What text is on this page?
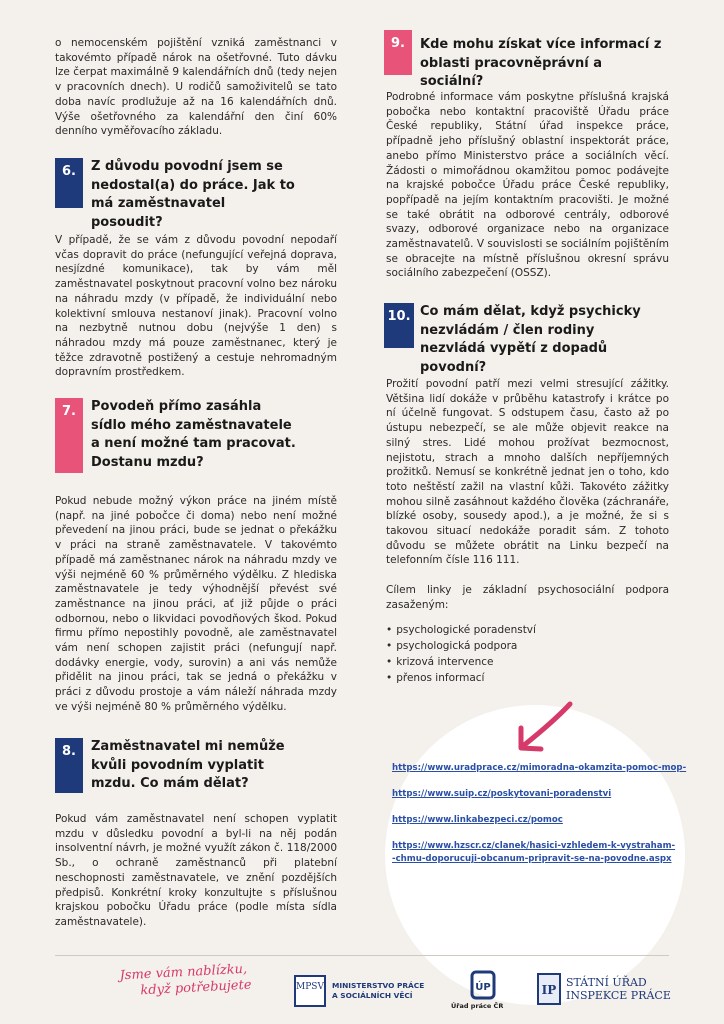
o nemocenském pojištění vzniká zaměstnanci v takovémto případě nárok na ošetřovné. Tuto dávku lze čerpat maximálně 9 kalendářních dnů (tedy nejen v pracovních dnech). U rodičů samoživitelů se tato doba navíc prodlužuje až na 16 kalendářních dnů. Výše ošetřovného za kalendářní den činí 60% denního vyměřovacího základu.

6.	Z důvodu povodní jsem se nedostal(a) do práce. Jak to má zaměstnavatel posoudit?

V případě, že se vám z důvodu povodní nepodaří včas dopravit do práce (nefungující veřejná doprava, nesjízdné komunikace), tak by vám měl zaměstnavatel poskytnout pracovní volno bez nároku na náhradu mzdy (v případě, že individuální nebo kolektivní smlouva nestanoví jinak). Pracovní volno na nezbytně nutnou dobu (nejvýše 1 den) s náhradou mzdy má pouze zaměstnanec, který je těžce zdravotně postižený a cestuje nehromadným dopravním prostředkem.

7.	Povodeň přímo zasáhla sídlo mého zaměstnavatele a není možné tam pracovat. Dostanu mzdu?

Pokud nebude možný výkon práce na jiném místě (např. na jiné pobočce či doma) nebo není možné převedení na jinou práci, bude se jednat o překážku v práci na straně zaměstnavatele. V takovémto případě má zaměstnanec nárok na náhradu mzdy ve výši nejméně 60 % průměrného výdělku. Z hlediska zaměstnavatele je tedy výhodnější převést své zaměstnance na jinou práci, ať již půjde o práci odbornou, nebo o likvidaci povodňových škod. Pokud firmu přímo nepostihly povodně, ale zaměstnavatel vám není schopen zajistit práci (nefungují např. dodávky energie, vody, surovin) a ani vás nemůže přidělit na jinou práci, tak se jedná o překážku v práci z důvodu prostoje a vám náleží náhrada mzdy ve výši nejméně 80 % průměrného výdělku.

8.	Zaměstnavatel mi nemůže kvůli povodním vyplatit mzdu. Co mám dělat?

Pokud vám zaměstnavatel není schopen vyplatit mzdu v důsledku povodní a byl-li na něj podán insolventní návrh, je možné využít zákon č. 118/2000 Sb., o ochraně zaměstnanců při platební neschopnosti zaměstnavatele, ve znění pozdějších předpisů. Konkrétní kroky konzultujte s příslušnou krajskou pobočku Úřadu práce (podle místa sídla zaměstnavatele).

9.	Kde mohu získat více informací z oblasti pracovněprávní a sociální?

Podrobné informace vám poskytne příslušná krajská pobočka nebo kontaktní pracoviště Úřadu práce České republiky, Státní úřad inspekce práce, případně jeho příslušný oblastní inspektorát práce, anebo přímo Ministerstvo práce a sociálních věcí. Žádosti o mimořádnou okamžitou pomoc podávejte na krajské pobočce Úřadu práce České republiky, popřípadě na jejím kontaktním pracovišti. Je možné se také obrátit na odborové centrály, odborové svazy, odborové organizace nebo na organizace zaměstnavatelů. V souvislosti se sociálním pojištěním se obracejte na místně příslušnou okresní správu sociálního zabezpečení (OSSZ).

10. Co mám dělat, když psychicky nezvládám / člen rodiny nezvládá vypětí z dopadů povodní?

Prožití povodní patří mezi velmi stresující zážitky. Většina lidí dokáže v průběhu katastrofy i krátce po ní účelně fungovat. S odstupem času, často až po ústupu nebezpečí, se ale může objevit reakce na silný stres. Lidé mohou prožívat bezmocnost, nejistotu, strach a mnoho dalších nepříjemných prožitků. Nemusí se konkrétně jednat jen o toho, kdo toto neštěstí zažil na vlastní kůži. Takovéto zážitky mohou silně zasáhnout každého člověka (záchranáře, blízké osoby, sousedy apod.), a je možné, že si s takovou situací nedokáže poradit sám. Z tohoto důvodu se můžete obrátit na Linku bezpečí na telefonním čísle 116 111.

Cílem linky je základní psychosociální podpora zasaženým:

• psychologické poradenství
• psychologická podpora
• krizová intervence
• přenos informací
https://www.uradprace.cz/mimoradna-okamzita-pomoc-mop-
https://www.suip.cz/poskytovani-poradenstvi
https://www.linkabezpeci.cz/pomoc
https://www.hzscr.cz/clanek/hasici-vzhledem-k-vystraham-
-chmu-doporucuji-obcanum-pripravit-se-na-povodne.aspx
Jsme vám nablízku,
když potřebujete	MPSV MINISTERSTVO PRÁCE
A SOCIÁLNÍCH VĚCÍ
ÚP
Úřad práce ČR
IP
STÁTNÍ ÚŘAD
INSPEKCE PRÁCE
